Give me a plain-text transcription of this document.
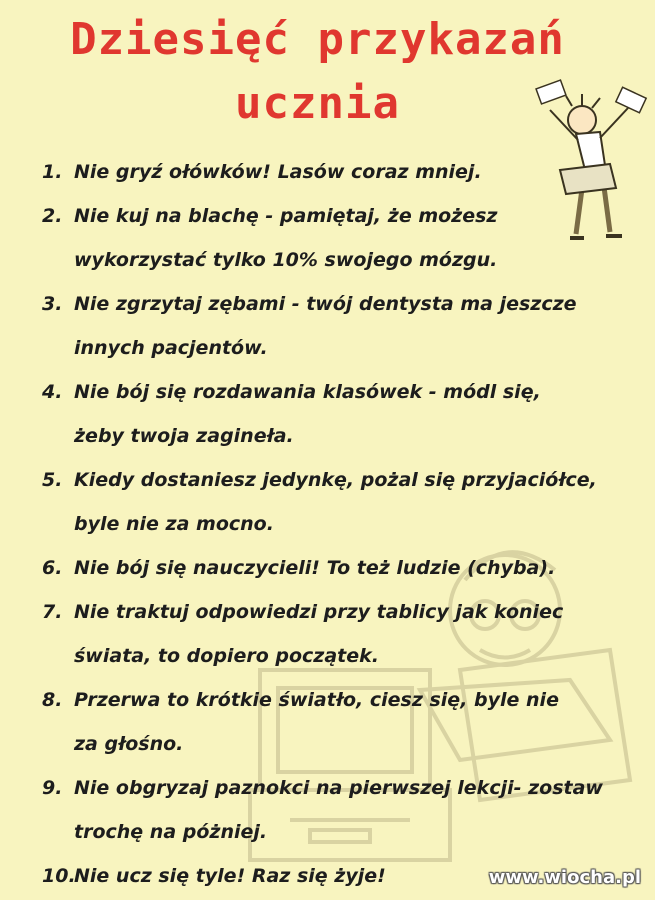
Dziesięć przykazań
ucznia
1. Nie gryź ołówków! Lasów coraz mniej.
2. Nie kuj na blachę - pamiętaj, że możesz
wykorzystać tylko 10% swojego mózgu.
3. Nie zgrzytaj zębami - twój dentysta ma jeszcze
innych pacjentów.
4. Nie bój się rozdawania klasówek - módl się,
żeby twoja zagineła.
5. Kiedy dostaniesz jedynkę, pożal się przyjaciółce,
byle nie za mocno.
6. Nie bój się nauczycieli! To też ludzie (chyba).
7. Nie traktuj odpowiedzi przy tablicy jak koniec
świata, to dopiero początek.
8. Przerwa to krótkie światło, ciesz się, byle nie
za głośno.
9. Nie obgryzaj paznokci na pierwszej lekcji- zostaw
trochę na póżniej.
10.Nie ucz się tyle! Raz się żyje!	www.wiocha.pl
